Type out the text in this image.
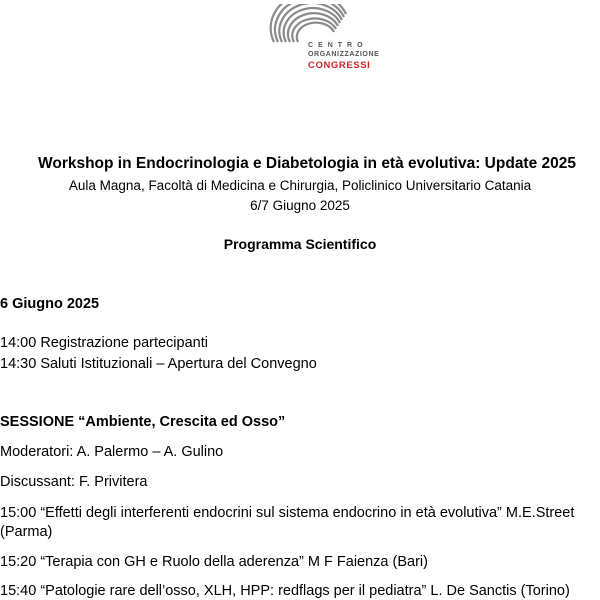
CENTRO
ORGANIZZAZIONE
CONGRESSI
Workshop in Endocrinologia e Diabetologia in età evolutiva: Update 2025
Aula Magna, Facoltà di Medicina e Chirurgia, Policlinico Universitario Catania
6/7 Giugno 2025
Programma Scientifico
6 Giugno 2025
14:00 Registrazione partecipanti
14:30 Saluti Istituzionali – Apertura del Convegno
SESSIONE “Ambiente, Crescita ed Osso”
Moderatori: A. Palermo – A. Gulino
Discussant: F. Privitera
15:00 “Effetti degli interferenti endocrini sul sistema endocrino in età evolutiva” M.E.Street
(Parma)
15:20 “Terapia con GH e Ruolo della aderenza” M F Faienza (Bari)
15:40 “Patologie rare dell’osso, XLH, HPP: redflags per il pediatra” L. De Sanctis (Torino)
